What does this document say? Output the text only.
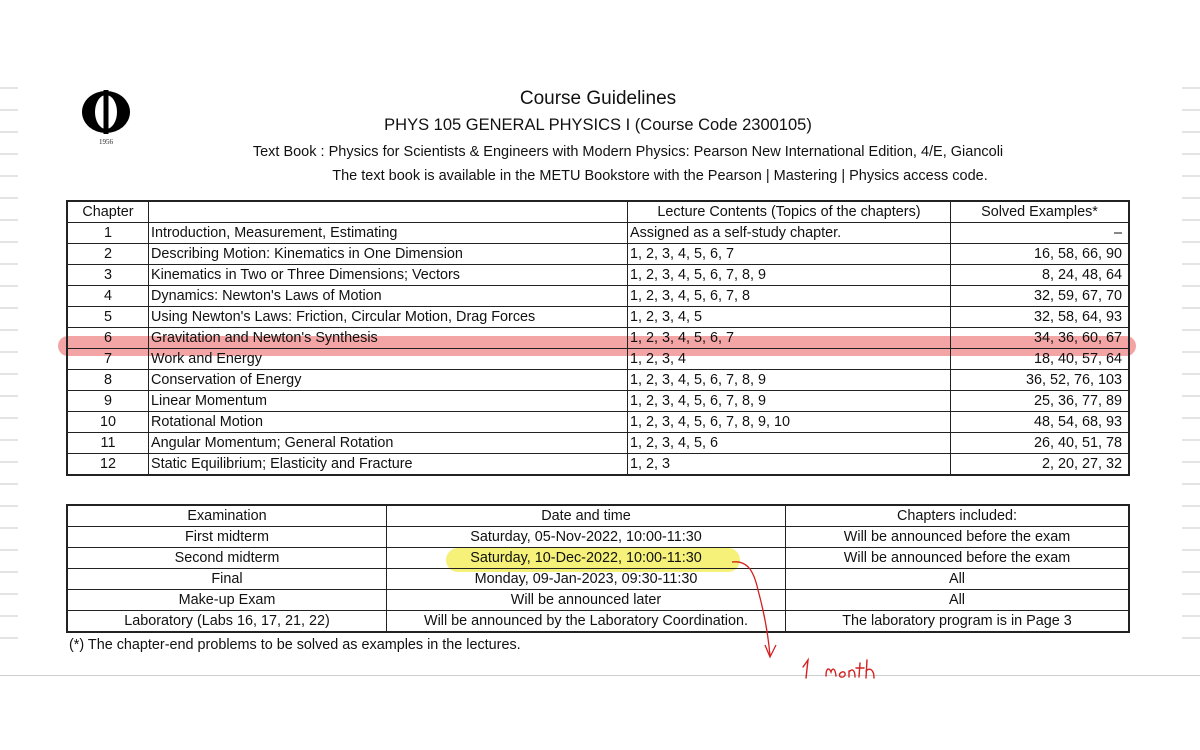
1956
Course Guidelines
PHYS 105 GENERAL PHYSICS I (Course Code 2300105)
Text Book : Physics for Scientists & Engineers with Modern Physics: Pearson New International Edition, 4/E, Giancoli
The text book is available in the METU Bookstore with the Pearson | Mastering | Physics access code.
Chapter		Lecture Contents (Topics of the chapters)	Solved Examples*
1	Introduction, Measurement, Estimating	Assigned as a self-study chapter.	–
2	Describing Motion: Kinematics in One Dimension	1, 2, 3, 4, 5, 6, 7	16, 58, 66, 90
3	Kinematics in Two or Three Dimensions; Vectors	1, 2, 3, 4, 5, 6, 7, 8, 9	8, 24, 48, 64
4	Dynamics: Newton's Laws of Motion	1, 2, 3, 4, 5, 6, 7, 8	32, 59, 67, 70
5	Using Newton's Laws: Friction, Circular Motion, Drag Forces	1, 2, 3, 4, 5	32, 58, 64, 93
6	Gravitation and Newton's Synthesis	1, 2, 3, 4, 5, 6, 7	34, 36, 60, 67
7	Work and Energy	1, 2, 3, 4	18, 40, 57, 64
8	Conservation of Energy	1, 2, 3, 4, 5, 6, 7, 8, 9	36, 52, 76, 103
9	Linear Momentum	1, 2, 3, 4, 5, 6, 7, 8, 9	25, 36, 77, 89
10	Rotational Motion	1, 2, 3, 4, 5, 6, 7, 8, 9, 10	48, 54, 68, 93
11	Angular Momentum; General Rotation	1, 2, 3, 4, 5, 6	26, 40, 51, 78
12	Static Equilibrium; Elasticity and Fracture	1, 2, 3	2, 20, 27, 32
Examination	Date and time	Chapters included:
First midterm	Saturday, 05-Nov-2022, 10:00-11:30	Will be announced before the exam
Second midterm	Saturday, 10-Dec-2022, 10:00-11:30	Will be announced before the exam
Final	Monday, 09-Jan-2023, 09:30-11:30	All
Make-up Exam	Will be announced later	All
Laboratory (Labs 16, 17, 21, 22)	Will be announced by the Laboratory Coordination.	The laboratory program is in Page 3
(*) The chapter-end problems to be solved as examples in the lectures.
